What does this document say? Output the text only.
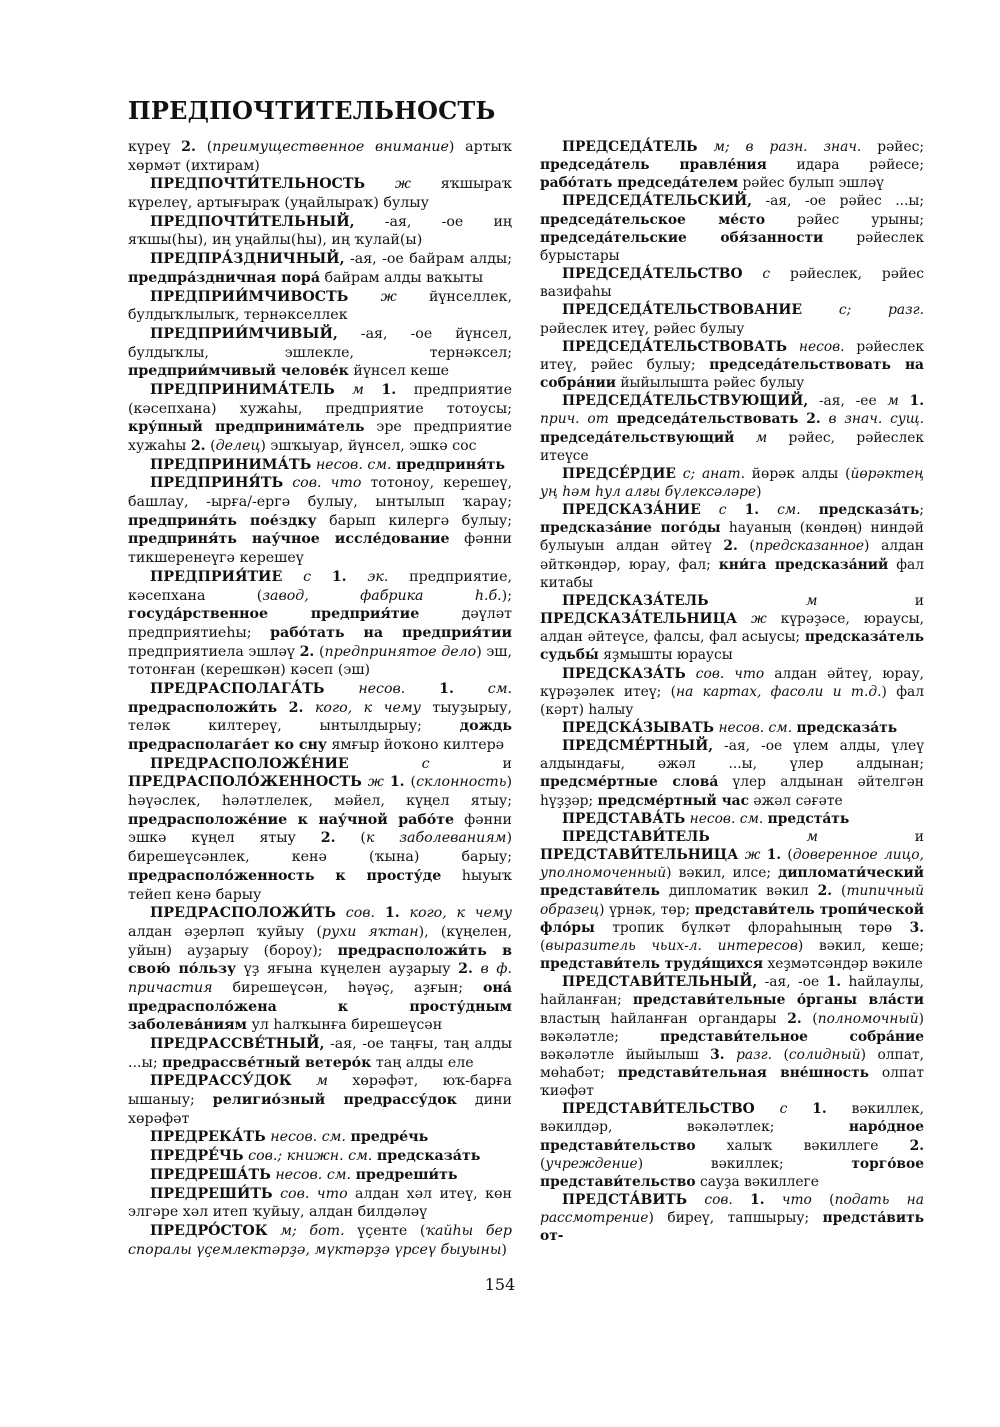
ПРЕДПОЧТИТЕЛЬНОСТЬ

күреү 2. (преимущественное внимание) артыҡ хөрмәт (ихтирам)

ПРЕДПОЧТИ́ТЕЛЬНОСТЬ ж яҡшыраҡ күрелеү, артығыраҡ (уңайлыраҡ) булыу

ПРЕДПОЧТИ́ТЕЛЬНЫЙ, -ая, -ое иң яҡшы(һы), иң уңайлы(һы), иң ҡулай(ы)

ПРЕДПРА́ЗДНИЧНЫЙ, -ая, -ое байрам алды; предпра́здничная пора́ байрам алды ваҡыты

ПРЕДПРИИ́МЧИВОСТЬ ж йүнселлек, булдыҡлылыҡ, тернәкселлек

ПРЕДПРИИ́МЧИВЫЙ, -ая, -ое йүнсел, булдыҡлы, эшлекле, тернәксел; предприи́мчивый челове́к йүнсел кеше

ПРЕДПРИНИМА́ТЕЛЬ м 1. предприятие (кәсепхана) хужаһы, предприятие тотоусы; кру́пный предпринима́тель эре предприятие хужаһы 2. (делец) эшҡыуар, йүнсел, эшкә сос

ПРЕДПРИНИМА́ТЬ несов. см. предприня́ть

ПРЕДПРИНЯ́ТЬ сов. что тотоноу, керешеү, башлау, -ырға/-ергә булыу, ынтылып ҡарау; предприня́ть пое́здку барып килергә булыу; предприня́ть нау́чное иссле́дование фәнни тикшеренеүгә керешеү

ПРЕДПРИЯ́ТИЕ с 1. эк. предприятие, кәсепхана (завод, фабрика һ.б.); госуда́рственное предприя́тие дәүләт предприятиеһы; рабо́тать на предприя́тии предприятиела эшләү 2. (предпринятое дело) эш, тотонған (керешкән) кәсеп (эш)

ПРЕДРАСПОЛАГА́ТЬ несов. 1. см. предрасположи́ть 2. кого, к чему тыуҙырыу, теләк килтереү, ынтылдырыу; дождь предрасполага́ет ко сну ямғыр йоҡоно килтерә

ПРЕДРАСПОЛОЖЕ́НИЕ	с и ПРЕДРАСПОЛО́ЖЕННОСТЬ ж 1. (склонность) һәүәслек, һәләтлелек, мәйел, күңел ятыу; предрасположе́ние к нау́чной рабо́те фәнни эшкә күңел ятыу 2. (к заболеваниям) бирешеүсәнлек, кенә (ҡына) барыу; предрасполо́женность к просту́де һыуыҡ тейеп кенә барыу

ПРЕДРАСПОЛОЖИ́ТЬ сов. 1. кого, к чему алдан әҙерләп ҡуйыу (рухи яҡтан), (күңелен, уйын) ауҙарыу (бороу); предрасположи́ть в свою́ по́льзу үҙ яғына күңелен ауҙарыу 2. в ф. причастия бирешеүсән, һәүәҫ, аҙғын; она́ предрасполо́жена к просту́дным заболева́ниям ул һалҡынға бирешеүсән

ПРЕДРАССВЕ́ТНЫЙ, -ая, -ое таңғы, таң алды ...ы; предрассве́тный ветеро́к таң алды еле

ПРЕДРАССУ́ДОК м хөрәфәт, юҡ-барға ышаныу; религио́зный предрассу́док дини хөрәфәт

ПРЕДРЕКА́ТЬ несов. см. предре́чь

ПРЕДРЕ́ЧЬ сов.; книжн. см. предсказа́ть

ПРЕДРЕША́ТЬ несов. см. предреши́ть

ПРЕДРЕШИ́ТЬ сов. что алдан хәл итеү, көн элгәре хәл итеп ҡуйыу, алдан билдәләү

ПРЕДРО́СТОК м; бот. үҫенте (ҡайһы бер споралы үҫемлектәрҙә, мүктәрҙә үрсеү быуыны)

ПРЕДСЕДА́ТЕЛЬ м; в разн. знач. рәйес; председа́тель правле́ния идара рәйесе; рабо́тать председа́телем рәйес булып эшләү

ПРЕДСЕДА́ТЕЛЬСКИЙ, -ая, -ое рәйес ...ы; председа́тельское ме́сто рәйес урыны; председа́тельские обя́занности рәйеслек бурыстары

ПРЕДСЕДА́ТЕЛЬСТВО с рәйеслек, рәйес вазифаһы

ПРЕДСЕДА́ТЕЛЬСТВОВАНИЕ	с; разг. рәйеслек итеү, рәйес булыу

ПРЕДСЕДА́ТЕЛЬСТВОВАТЬ несов. рәйеслек итеү, рәйес булыу; председа́тельствовать на собра́нии йыйылышта рәйес булыу

ПРЕДСЕДА́ТЕЛЬСТВУЮЩИЙ, -ая, -ее м 1. прич. от председа́тельствовать 2. в знач. сущ. председа́тельствующий м рәйес, рәйеслек итеүсе

ПРЕДСЕ́РДИЕ с; анат. йөрәк алды (йөрәктең уң һәм һул алғы бүлексәләре)

ПРЕДСКАЗА́НИЕ с 1. см. предсказа́ть; предсказа́ние пого́ды һауаның (көндөң) ниндәй булыуын алдан әйтеү 2. (предсказанное) алдан әйткәндәр, юрау, фал; кни́га предсказа́ний фал китабы

ПРЕДСКАЗА́ТЕЛЬ	м и ПРЕДСКАЗА́ТЕЛЬНИЦА ж күрәҙәсе, юраусы, алдан әйтеүсе, фалсы, фал асыусы; предсказа́тель судьбы́ яҙмышты юраусы

ПРЕДСКАЗА́ТЬ сов. что алдан әйтеү, юрау, күрәҙәлек итеү; (на картах, фасоли и т.д.) фал (кәрт) һалыу

ПРЕДСКА́ЗЫВАТЬ несов. см. предсказа́ть

ПРЕДСМЕ́РТНЫЙ, -ая, -ое үлем алды, үлеү алдындағы, әжәл ...ы, үлер алдынан; предсме́ртные слова́ үлер алдынан әйтелгән һүҙҙәр; предсме́ртный час әжәл сәғәте

ПРЕДСТАВА́ТЬ несов. см. предста́ть

ПРЕДСТАВИ́ТЕЛЬ	м и ПРЕДСТАВИ́ТЕЛЬНИЦА ж 1. (доверенное лицо, уполномоченный) вәкил, илсе; дипломати́ческий представи́тель дипломатик вәкил 2. (типичный образец) үрнәк, төр; представи́тель тропи́ческой фло́ры тропик бүлкәт флораһының төрө 3. (выразитель чьих-л. интересов) вәкил, кеше; представи́тель трудя́щихся хеҙмәтсәндәр вәкиле

ПРЕДСТАВИ́ТЕЛЬНЫЙ, -ая, -ое 1. һайлаулы, һайланған; представи́тельные о́рганы вла́сти властың һайланған органдары 2. (полномочный) вәкәләтле; представи́тельное собра́ние вәкәләтле йыйылыш 3. разг. (солидный) олпат, мөһабәт; представи́тельная вне́шность олпат ҡиәфәт

ПРЕДСТАВИ́ТЕЛЬСТВО с 1. вәкиллек, вәкилдәр, вәкәләтлек; наро́дное представи́тельство халыҡ вәкиллеге 2. (учреждение) вәкиллек; торго́вое представи́тельство сауҙа вәкиллеге

ПРЕДСТА́ВИТЬ сов. 1. что (подать на рассмотрение) биреү, тапшырыу; предста́вить от-

154
